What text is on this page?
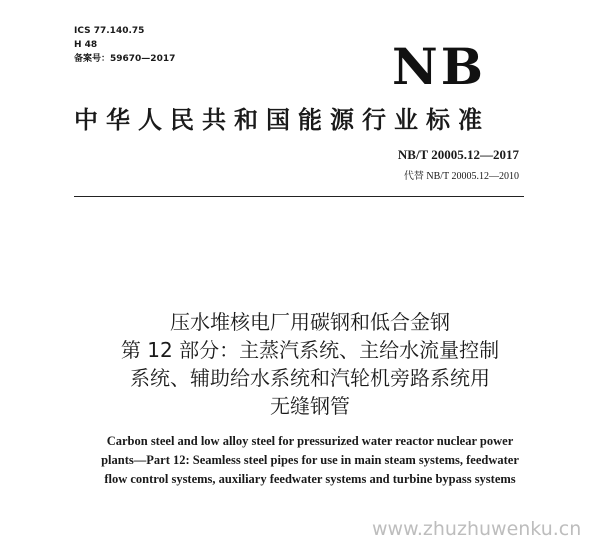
ICS 77.140.75
H 48
备案号：59670—2017	NB
中华人民共和国能源行业标准
NB/T 20005.12—2017
代替 NB/T 20005.12—2010
压水堆核电厂用碳钢和低合金钢
第 12 部分：主蒸汽系统、主给水流量控制
系统、辅助给水系统和汽轮机旁路系统用
无缝钢管
Carbon steel and low alloy steel for pressurized water reactor nuclear power
plants—Part 12: Seamless steel pipes for use in main steam systems, feedwater
flow control systems, auxiliary feedwater systems and turbine bypass systems
www.zhuzhuwenku.cn
